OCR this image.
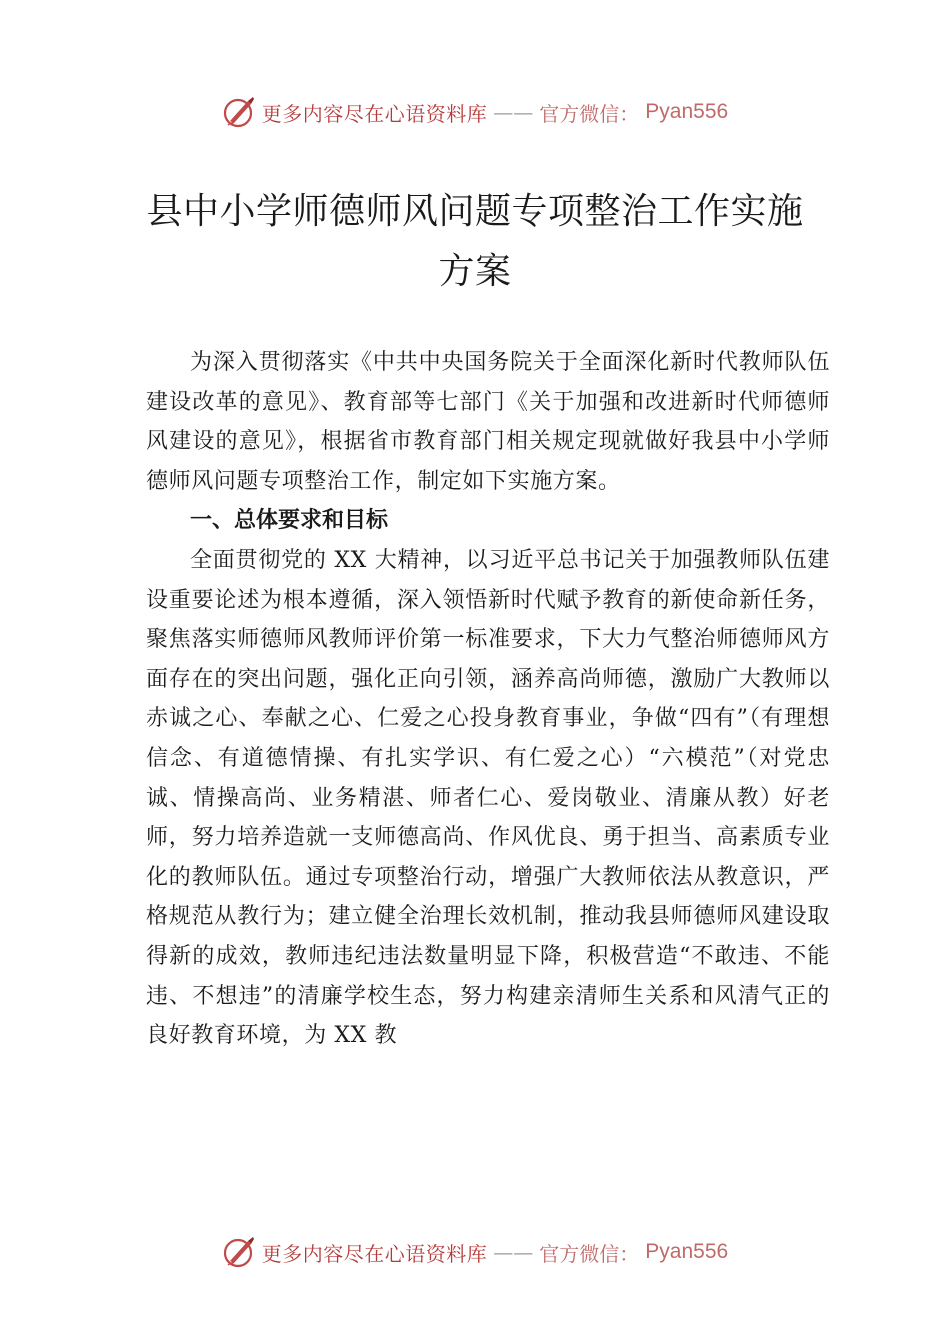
更多内容尽在心语资料库 —— 官方微信： Pyan556
县中小学师德师风问题专项整治工作实施方案

为深入贯彻落实《中共中央国务院关于全面深化新时代教师队伍建设改革的意见》、教育部等七部门《关于加强和改进新时代师德师风建设的意见》，根据省市教育部门相关规定现就做好我县中小学师德师风问题专项整治工作，制定如下实施方案。

一、总体要求和目标

全面贯彻党的 XX 大精神，以习近平总书记关于加强教师队伍建设重要论述为根本遵循，深入领悟新时代赋予教育的新使命新任务，聚焦落实师德师风教师评价第一标准要求，下大力气整治师德师风方面存在的突出问题，强化正向引领，涵养高尚师德，激励广大教师以赤诚之心、奉献之心、仁爱之心投身教育事业，争做“四有”（有理想信念、有道德情操、有扎实学识、有仁爱之心）“六模范”（对党忠诚、情操高尚、业务精湛、师者仁心、爱岗敬业、清廉从教）好老师，努力培养造就一支师德高尚、作风优良、勇于担当、高素质专业化的教师队伍。通过专项整治行动，增强广大教师依法从教意识，严格规范从教行为；建立健全治理长效机制，推动我县师德师风建设取得新的成效，教师违纪违法数量明显下降，积极营造“不敢违、不能违、不想违”的清廉学校生态，努力构建亲清师生关系和风清气正的良好教育环境，为 XX 教

更多内容尽在心语资料库 —— 官方微信： Pyan556
